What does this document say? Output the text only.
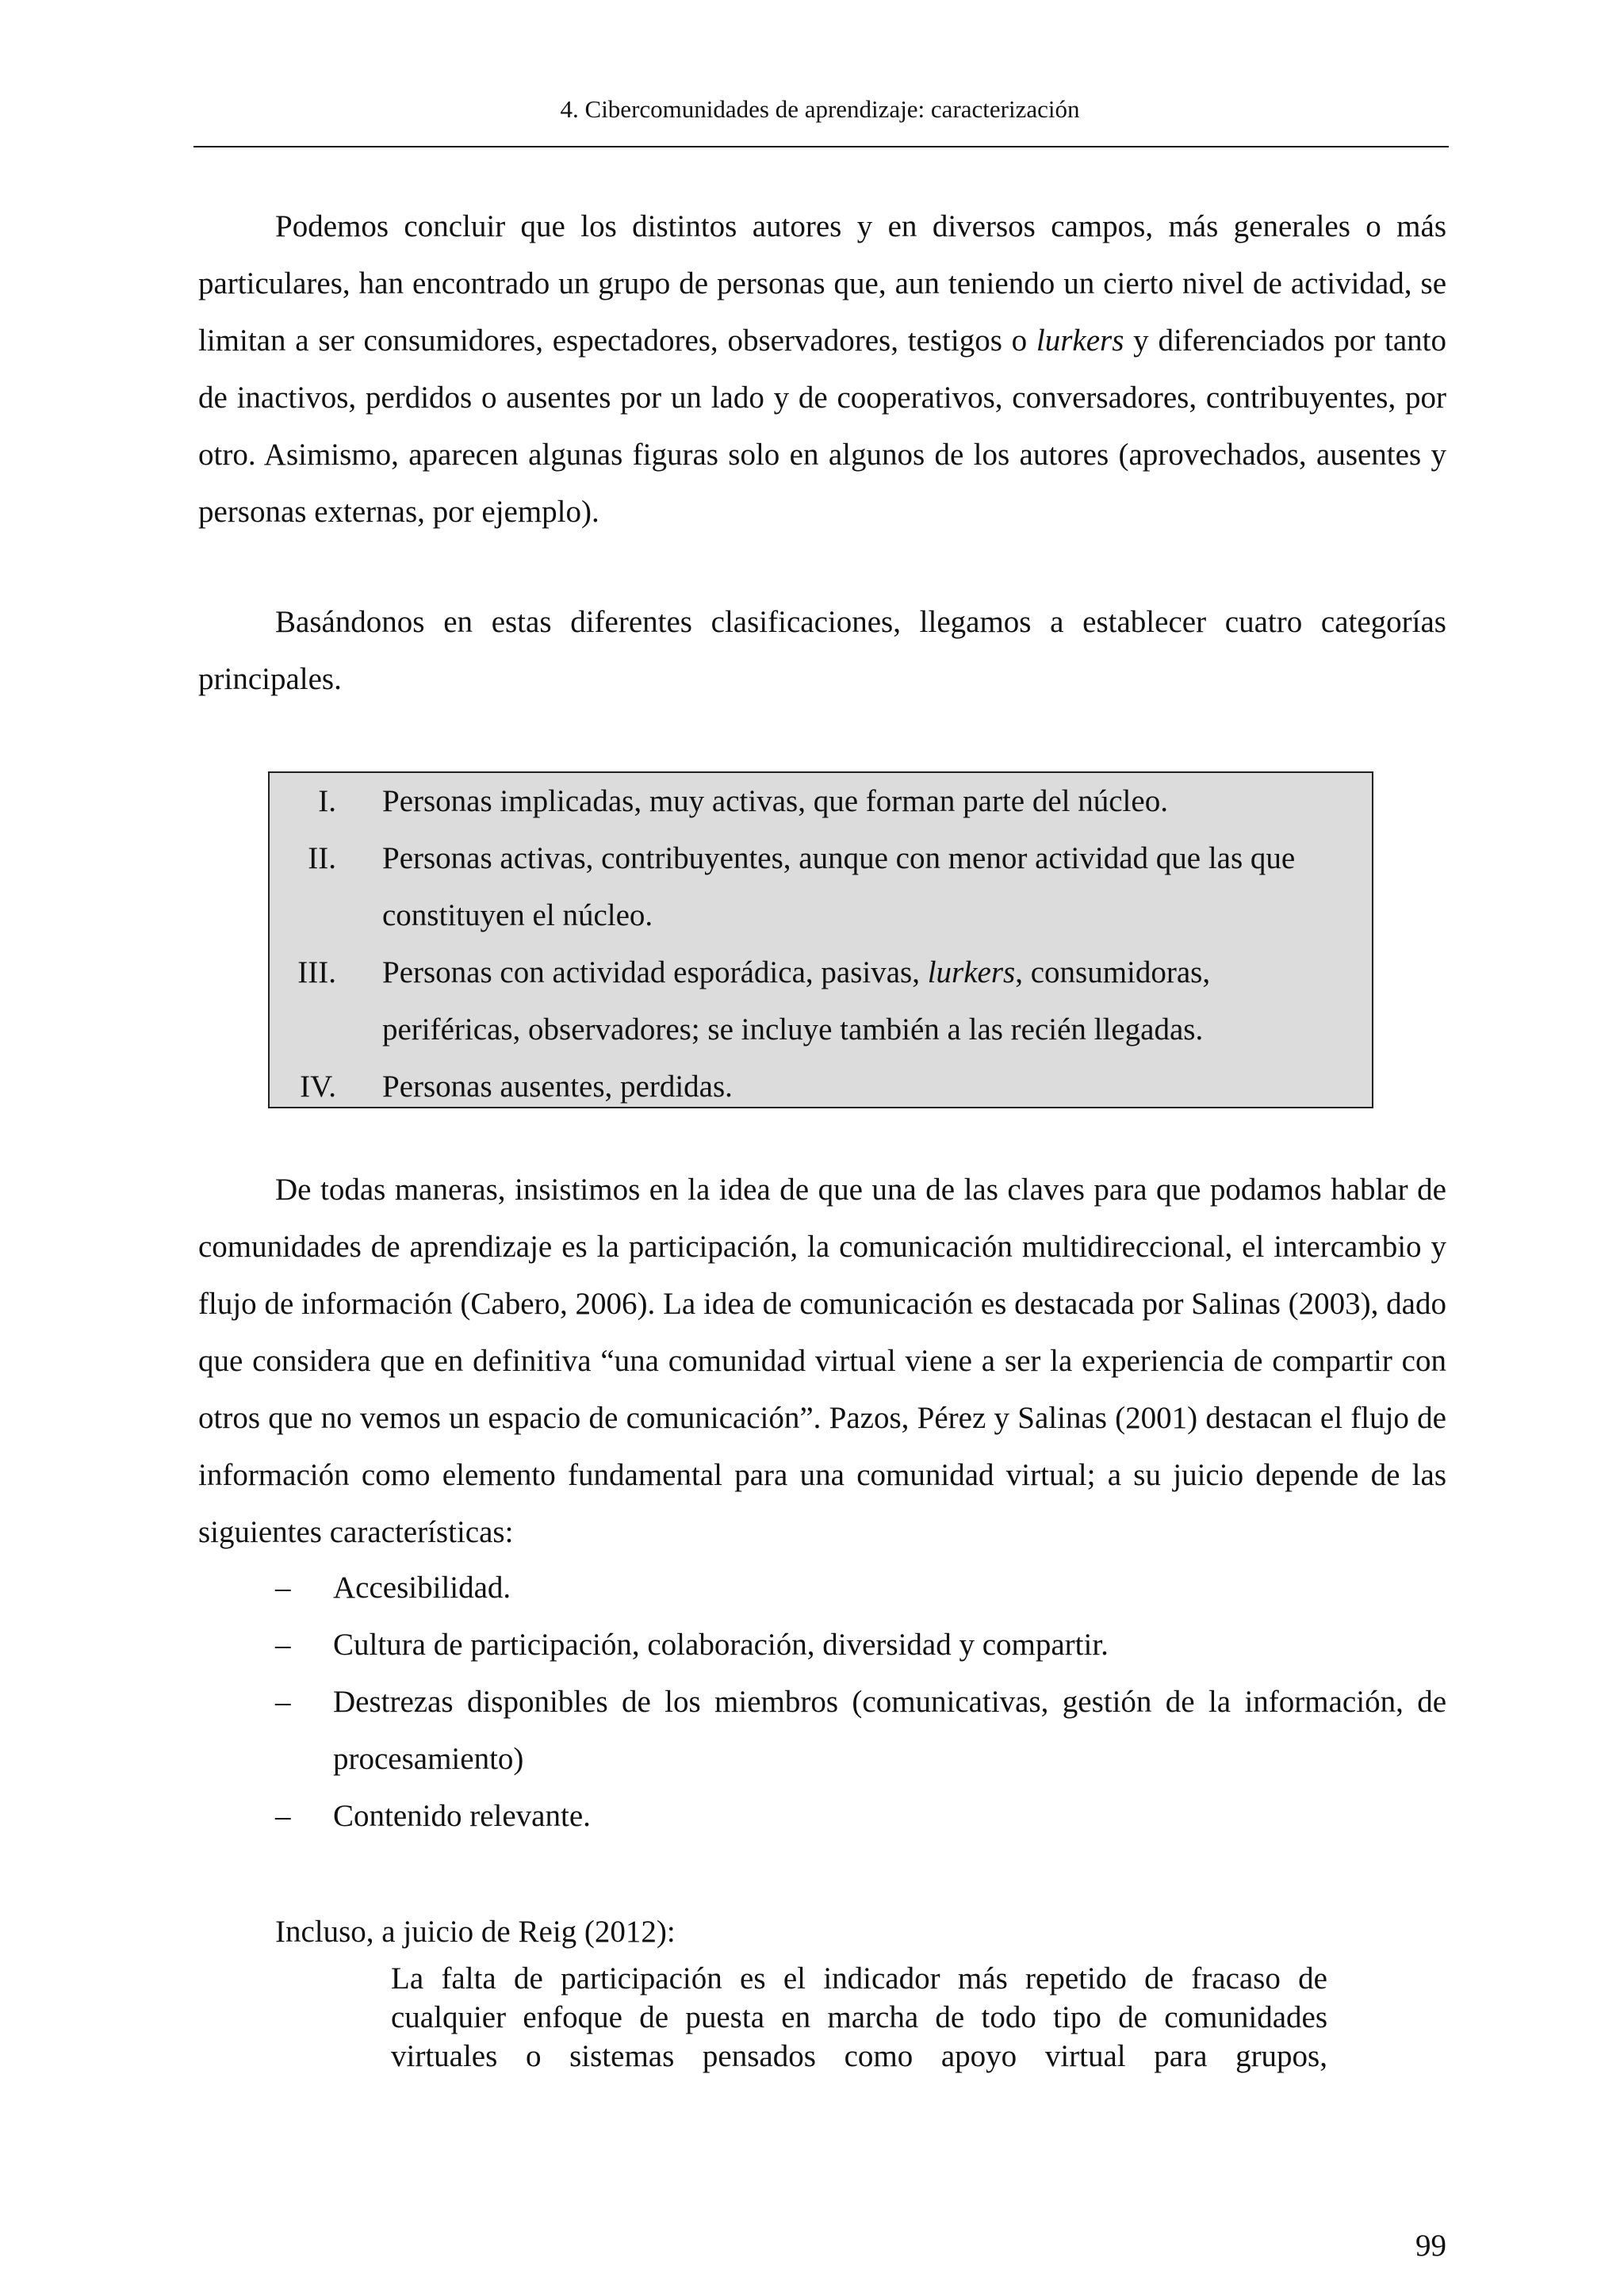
4. Cibercomunidades de aprendizaje: caracterización

Podemos concluir que los distintos autores y en diversos campos, más generales o más particulares, han encontrado un grupo de personas que, aun teniendo un cierto nivel de actividad, se limitan a ser consumidores, espectadores, observadores, testigos o lurkers y diferenciados por tanto de inactivos, perdidos o ausentes por un lado y de cooperativos, conversadores, contribuyentes, por otro. Asimismo, aparecen algunas figuras solo en algunos de los autores (aprovechados, ausentes y personas externas, por ejemplo).

Basándonos en estas diferentes clasificaciones, llegamos a establecer cuatro categorías principales.

I. Personas implicadas, muy activas, que forman parte del núcleo.
II. Personas activas, contribuyentes, aunque con menor actividad que las que constituyen el núcleo.
III. Personas con actividad esporádica, pasivas, lurkers, consumidoras, periféricas, observadores; se incluye también a las recién llegadas.
IV. Personas ausentes, perdidas.

De todas maneras, insistimos en la idea de que una de las claves para que podamos hablar de comunidades de aprendizaje es la participación, la comunicación multidireccional, el intercambio y flujo de información (Cabero, 2006). La idea de comunicación es destacada por Salinas (2003), dado que considera que en definitiva “una comunidad virtual viene a ser la experiencia de compartir con otros que no vemos un espacio de comunicación”. Pazos, Pérez y Salinas (2001) destacan el flujo de información como elemento fundamental para una comunidad virtual; a su juicio depende de las siguientes características:

– Accesibilidad.
– Cultura de participación, colaboración, diversidad y compartir.
– Destrezas disponibles de los miembros (comunicativas, gestión de la información, de procesamiento)
– Contenido relevante.

Incluso, a juicio de Reig (2012):

La falta de participación es el indicador más repetido de fracaso de cualquier enfoque de puesta en marcha de todo tipo de comunidades virtuales o sistemas pensados como apoyo virtual para grupos,

99
